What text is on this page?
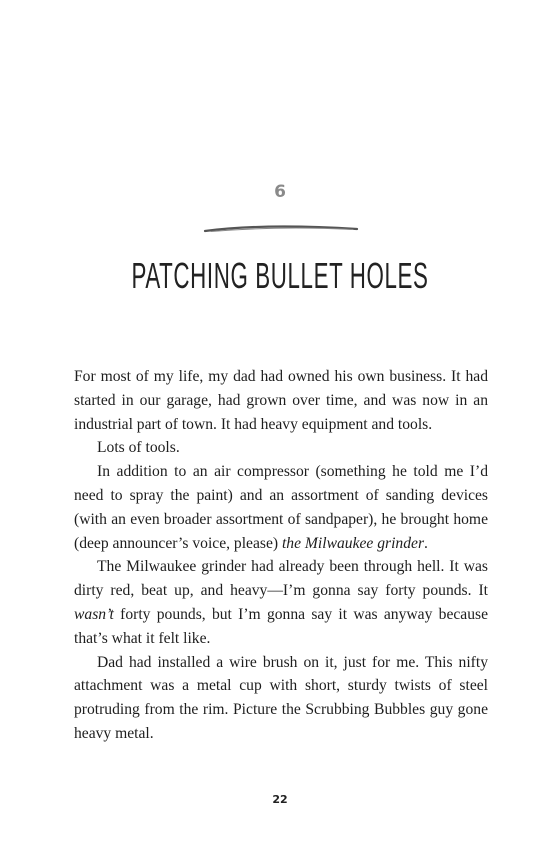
6
PATCHING BULLET HOLES

For most of my life, my dad had owned his own business. It had started in our garage, had grown over time, and was now in an industrial part of town. It had heavy equipment and tools.

Lots of tools.

In addition to an air compressor (something he told me I’d need to spray the paint) and an assortment of sanding devices (with an even broader assortment of sandpaper), he brought home (deep announcer’s voice, please) the Milwaukee grinder.

The Milwaukee grinder had already been through hell. It was dirty red, beat up, and heavy—I’m gonna say forty pounds. It wasn’t forty pounds, but I’m gonna say it was anyway because that’s what it felt like.

Dad had installed a wire brush on it, just for me. This nifty attachment was a metal cup with short, sturdy twists of steel protruding from the rim. Picture the Scrubbing Bubbles guy gone heavy metal.

22
